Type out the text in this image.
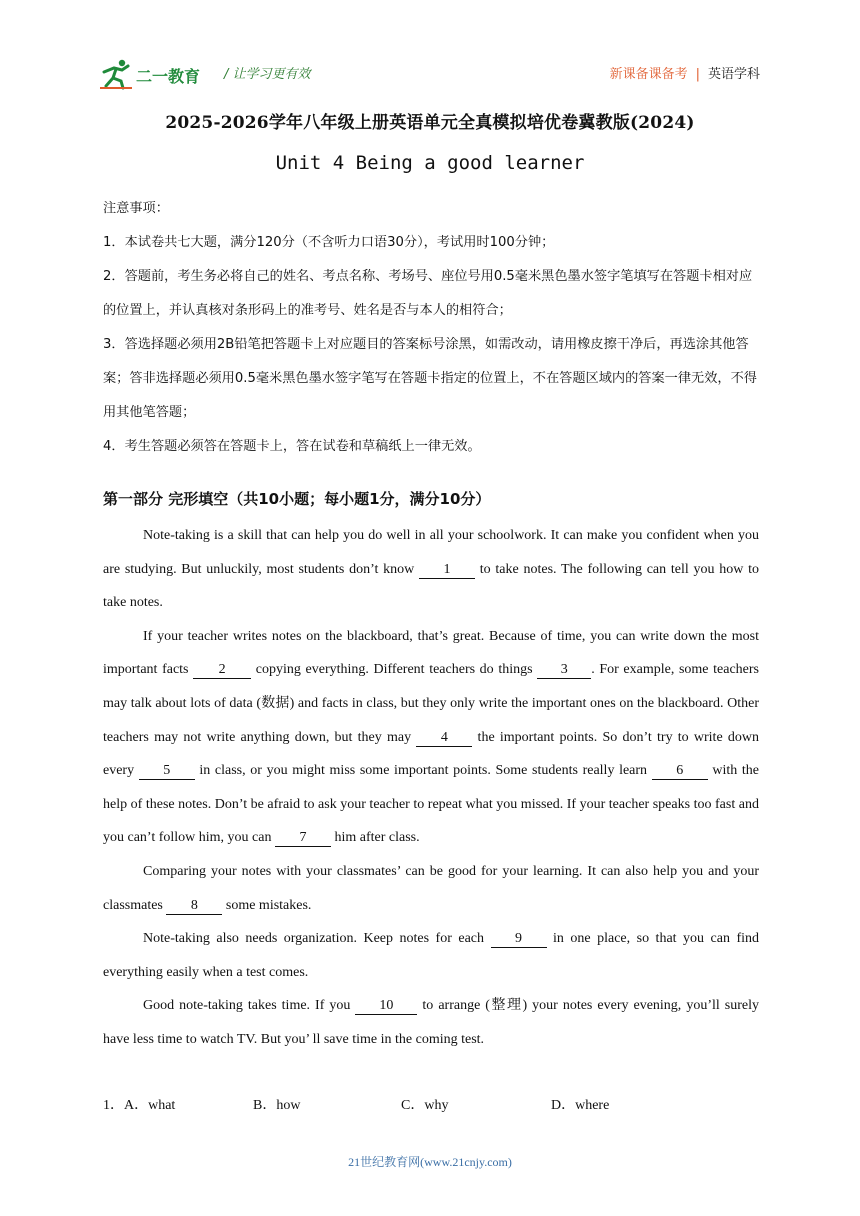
二一教育 / 让学习更有效	新课备课备考 | 英语学科
2025-2026学年八年级上册英语单元全真模拟培优卷冀教版(2024)
Unit 4 Being a good learner

注意事项：

1．本试卷共七大题，满分120分（不含听力口语30分），考试用时100分钟；

2．答题前，考生务必将自己的姓名、考点名称、考场号、座位号用0.5毫米黑色墨水签字笔填写在答题卡相对应的位置上，并认真核对条形码上的准考号、姓名是否与本人的相符合；

3．答选择题必须用2B铅笔把答题卡上对应题目的答案标号涂黑，如需改动，请用橡皮擦干净后，再选涂其他答案；答非选择题必须用0.5毫米黑色墨水签字笔写在答题卡指定的位置上，不在答题区域内的答案一律无效，不得用其他笔答题；

4．考生答题必须答在答题卡上，答在试卷和草稿纸上一律无效。

第一部分 完形填空（共10小题；每小题1分，满分10分）

Note-taking is a skill that can help you do well in all your schoolwork. It can make you confident when you are studying. But unluckily, most students don’t know 1 to take notes. The following can tell you how to take notes.

If your teacher writes notes on the blackboard, that’s great. Because of time, you can write down the most important facts 2 copying everything. Different teachers do things 3 . For example, some teachers may talk about lots of data (数据) and facts in class, but they only write the important ones on the blackboard. Other teachers may not write anything down, but they may 4 the important points. So don’t try to write down every 5 in class, or you might miss some important points. Some students really learn 6 with the help of these notes. Don’t be afraid to ask your teacher to repeat what you missed. If your teacher speaks too fast and you can’t follow him, you can 7 him after class.

Comparing your notes with your classmates’ can be good for your learning. It can also help you and your classmates 8 some mistakes.

Note-taking also needs organization. Keep notes for each 9 in one place, so that you can find everything easily when a test comes.

Good note-taking takes time. If you 10 to arrange (整理) your notes every evening, you’ll surely have less time to watch TV. But you’ ll save time in the coming test.

1．A．what	B．how	C．why	D．where
21世纪教育网(www.21cnjy.com)
